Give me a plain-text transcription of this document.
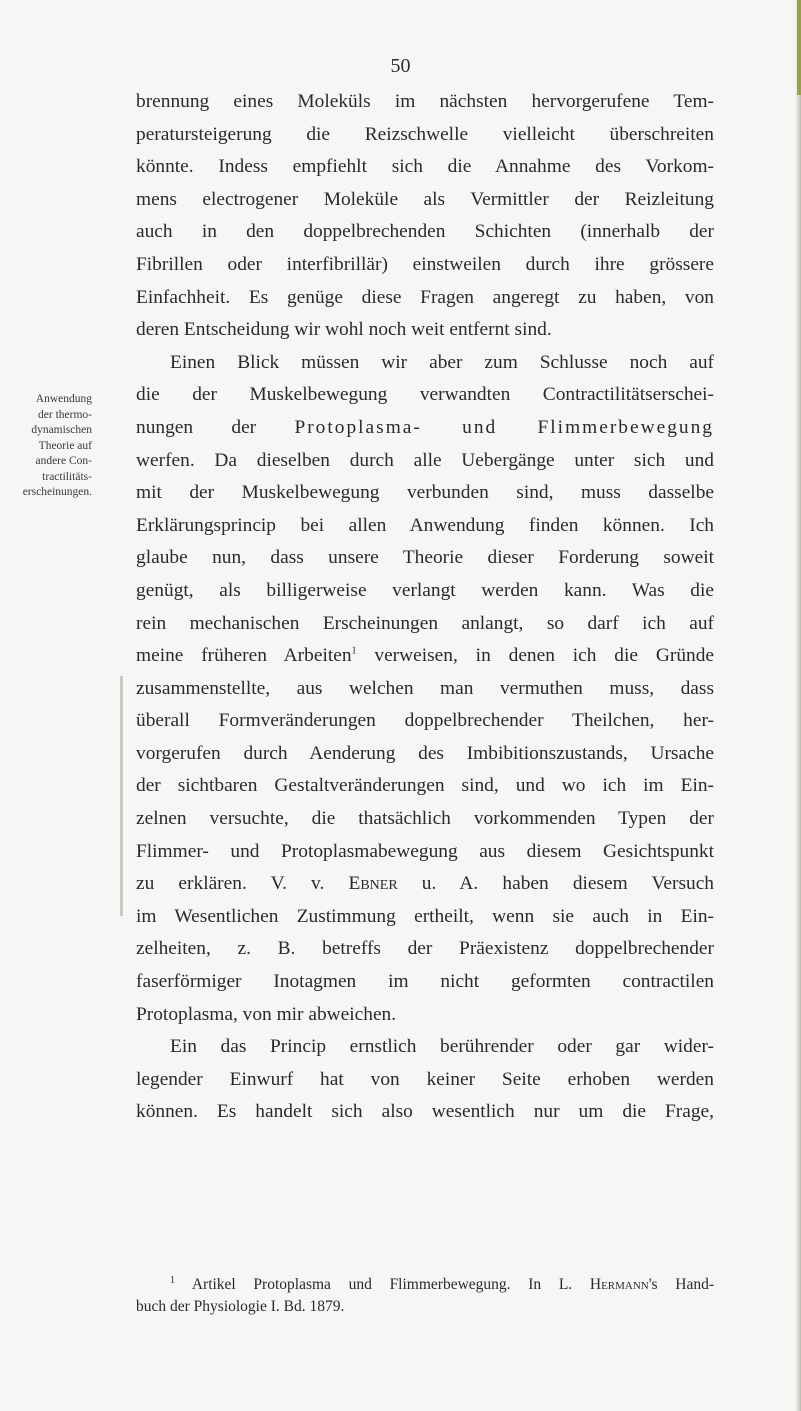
50
Anwendung
der thermo-
dynamischen
Theorie auf
andere Con-
tractilitäts-
erscheinungen.
brennung eines Moleküls im nächsten hervorgerufene Tem-
peratursteigerung die Reizschwelle vielleicht überschreiten
könnte. Indess empfiehlt sich die Annahme des Vorkom-
mens electrogener Moleküle als Vermittler der Reizleitung
auch in den doppelbrechenden Schichten (innerhalb der
Fibrillen oder interfibrillär) einstweilen durch ihre grössere
Einfachheit. Es genüge diese Fragen angeregt zu haben, von
deren Entscheidung wir wohl noch weit entfernt sind.
Einen Blick müssen wir aber zum Schlusse noch auf
die der Muskelbewegung verwandten Contractilitätserschei-
nungen der Protoplasma- und Flimmerbewegung
werfen. Da dieselben durch alle Uebergänge unter sich und
mit der Muskelbewegung verbunden sind, muss dasselbe
Erklärungsprincip bei allen Anwendung finden können. Ich
glaube nun, dass unsere Theorie dieser Forderung soweit
genügt, als billigerweise verlangt werden kann. Was die
rein mechanischen Erscheinungen anlangt, so darf ich auf
meine früheren Arbeiten$^1$ verweisen, in denen ich die Gründe
zusammenstellte, aus welchen man vermuthen muss, dass
überall Formveränderungen doppelbrechender Theilchen, her-
vorgerufen durch Aenderung des Imbibitionszustands, Ursache
der sichtbaren Gestaltveränderungen sind, und wo ich im Ein-
zelnen versuchte, die thatsächlich vorkommenden Typen der
Flimmer- und Protoplasmabewegung aus diesem Gesichtspunkt
zu erklären. V. v. Ebner u. A. haben diesem Versuch
im Wesentlichen Zustimmung ertheilt, wenn sie auch in Ein-
zelheiten, z. B. betreffs der Präexistenz doppelbrechender
faserförmiger Inotagmen im nicht geformten contractilen
Protoplasma, von mir abweichen.
Ein das Princip ernstlich berührender oder gar wider-
legender Einwurf hat von keiner Seite erhoben werden
können. Es handelt sich also wesentlich nur um die Frage,
$^1$ Artikel Protoplasma und Flimmerbewegung. In L. Hermann's Hand-
buch der Physiologie I. Bd. 1879.
